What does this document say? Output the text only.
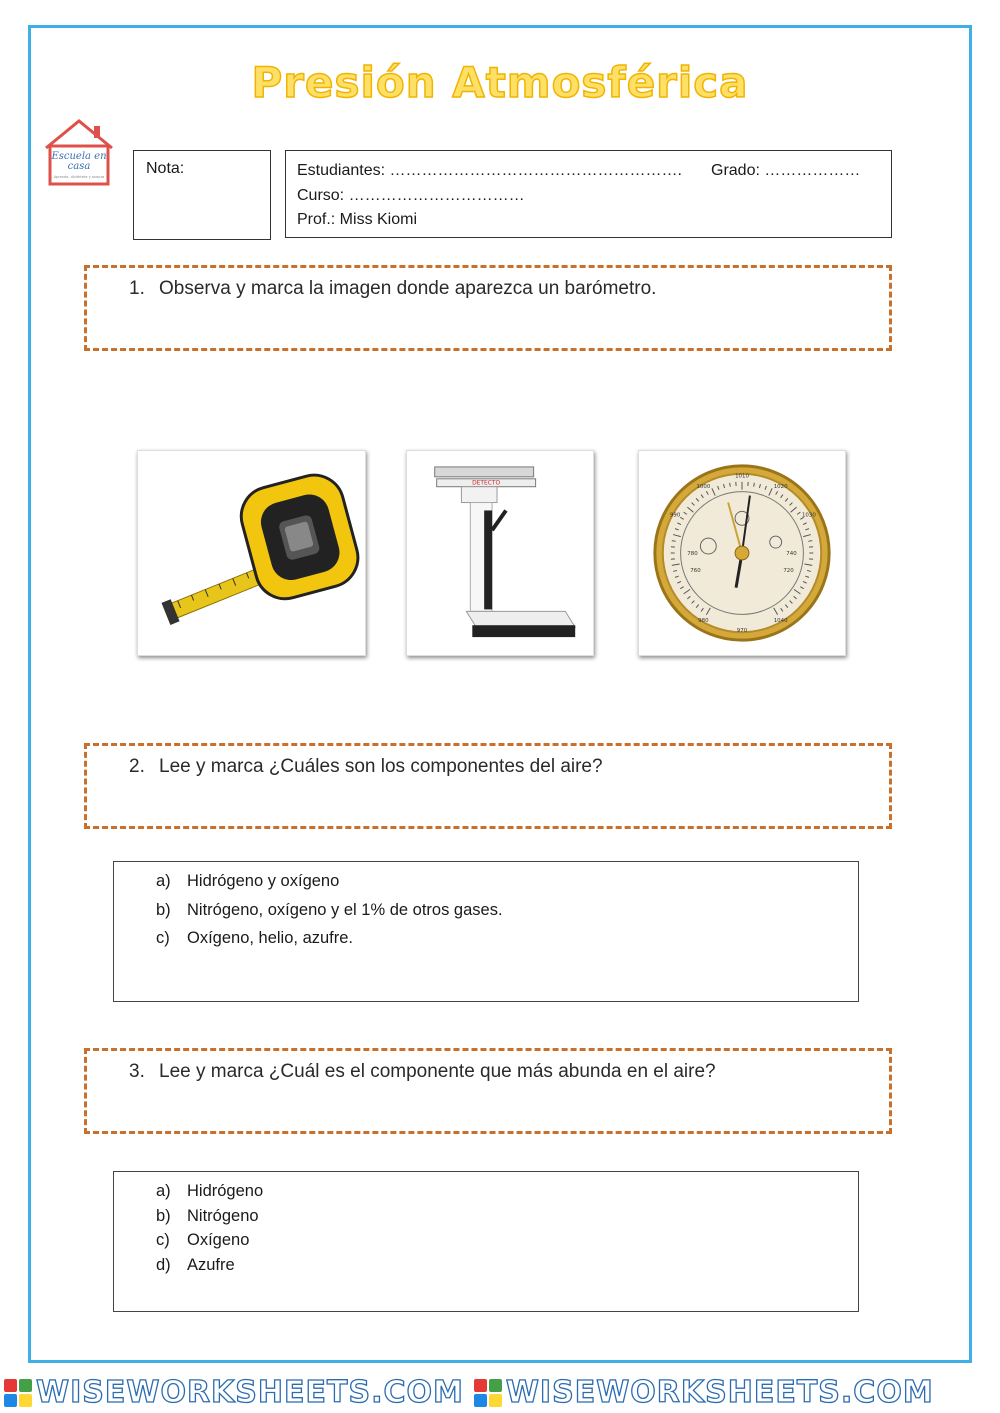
Presión Atmosférica
Escuela en
casa
Aprende, diviértete y avanza	Nota:	Estudiantes: ………………………………………………. Grado: ………………
Curso: ……………………………
Prof.: Miss Kiomi
1. Observa y marca la imagen donde aparezca un barómetro.
DETECTO
1010
1000	1020
990	1030
980	1040
970
760	720
780	740
2. Lee y marca ¿Cuáles son los componentes del aire?
a) Hidrógeno y oxígeno
b) Nitrógeno, oxígeno y el 1% de otros gases.
c)	Oxígeno, helio, azufre.
3. Lee y marca ¿Cuál es el componente que más abunda en el aire?
a) Hidrógeno
b) Nitrógeno
c)	Oxígeno
d) Azufre
WISEWORKSHEETS.COM WISEWORKSHEETS.COM
